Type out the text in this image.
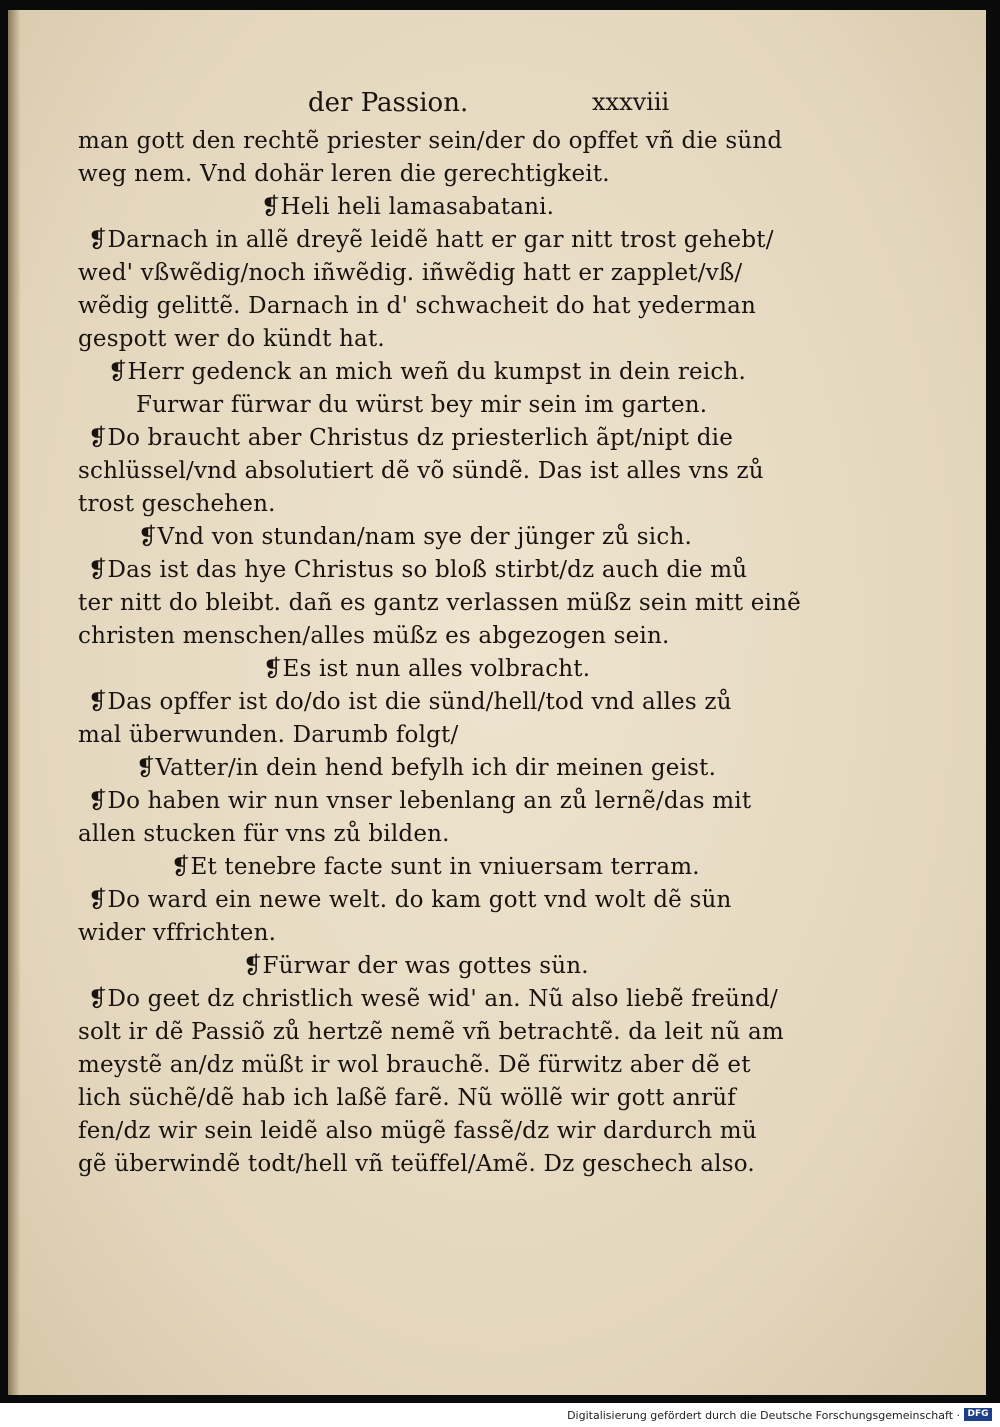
der Passion.	xxxviii
man gott den rechtẽ priester sein/der do opffet vñ die sünd
weg nem. Vnd dohär leren die gerechtigkeit.
❡Heli heli lamasabatani.
❡Darnach in allẽ dreyẽ leidẽ hatt er gar nitt trost gehebt/
wed' vßwẽdig/noch iñwẽdig. iñwẽdig hatt er zapplet/vß/
wẽdig gelittẽ. Darnach in d' schwacheit do hat yederman
gespott wer do kündt hat.
❡Herr gedenck an mich weñ du kumpst in dein reich.
Furwar fürwar du würst bey mir sein im garten.
❡Do braucht aber Christus dz priesterlich ãpt/nipt die
schlüssel/vnd absolutiert dẽ võ sündẽ. Das ist alles vns zů
trost geschehen.
❡Vnd von stundan/nam sye der jünger zů sich.
❡Das ist das hye Christus so bloß stirbt/dz auch die mů
ter nitt do bleibt. dañ es gantz verlassen müßz sein mitt einẽ
christen menschen/alles müßz es abgezogen sein.
❡Es ist nun alles volbracht.
❡Das opffer ist do/do ist die sünd/hell/tod vnd alles zů
mal überwunden. Darumb folgt/
❡Vatter/in dein hend befylh ich dir meinen geist.
❡Do haben wir nun vnser lebenlang an zů lernẽ/das mit
allen stucken für vns zů bilden.
❡Et tenebre facte sunt in vniuersam terram.
❡Do ward ein newe welt. do kam gott vnd wolt dẽ sün
wider vffrichten.
❡Fürwar der was gottes sün.
❡Do geet dz christlich wesẽ wid' an. Nũ also liebẽ freünd/
solt ir dẽ Passiõ zů hertzẽ nemẽ vñ betrachtẽ. da leit nũ am
meystẽ an/dz müßt ir wol brauchẽ. Dẽ fürwitz aber dẽ et
lich süchẽ/dẽ hab ich laßẽ farẽ. Nũ wöllẽ wir gott anrüf
fen/dz wir sein leidẽ also mügẽ fassẽ/dz wir dardurch mü
gẽ überwindẽ todt/hell vñ teüffel/Amẽ. Dz geschech also.
Digitalisierung gefördert durch die Deutsche Forschungsgemeinschaft · DFG
